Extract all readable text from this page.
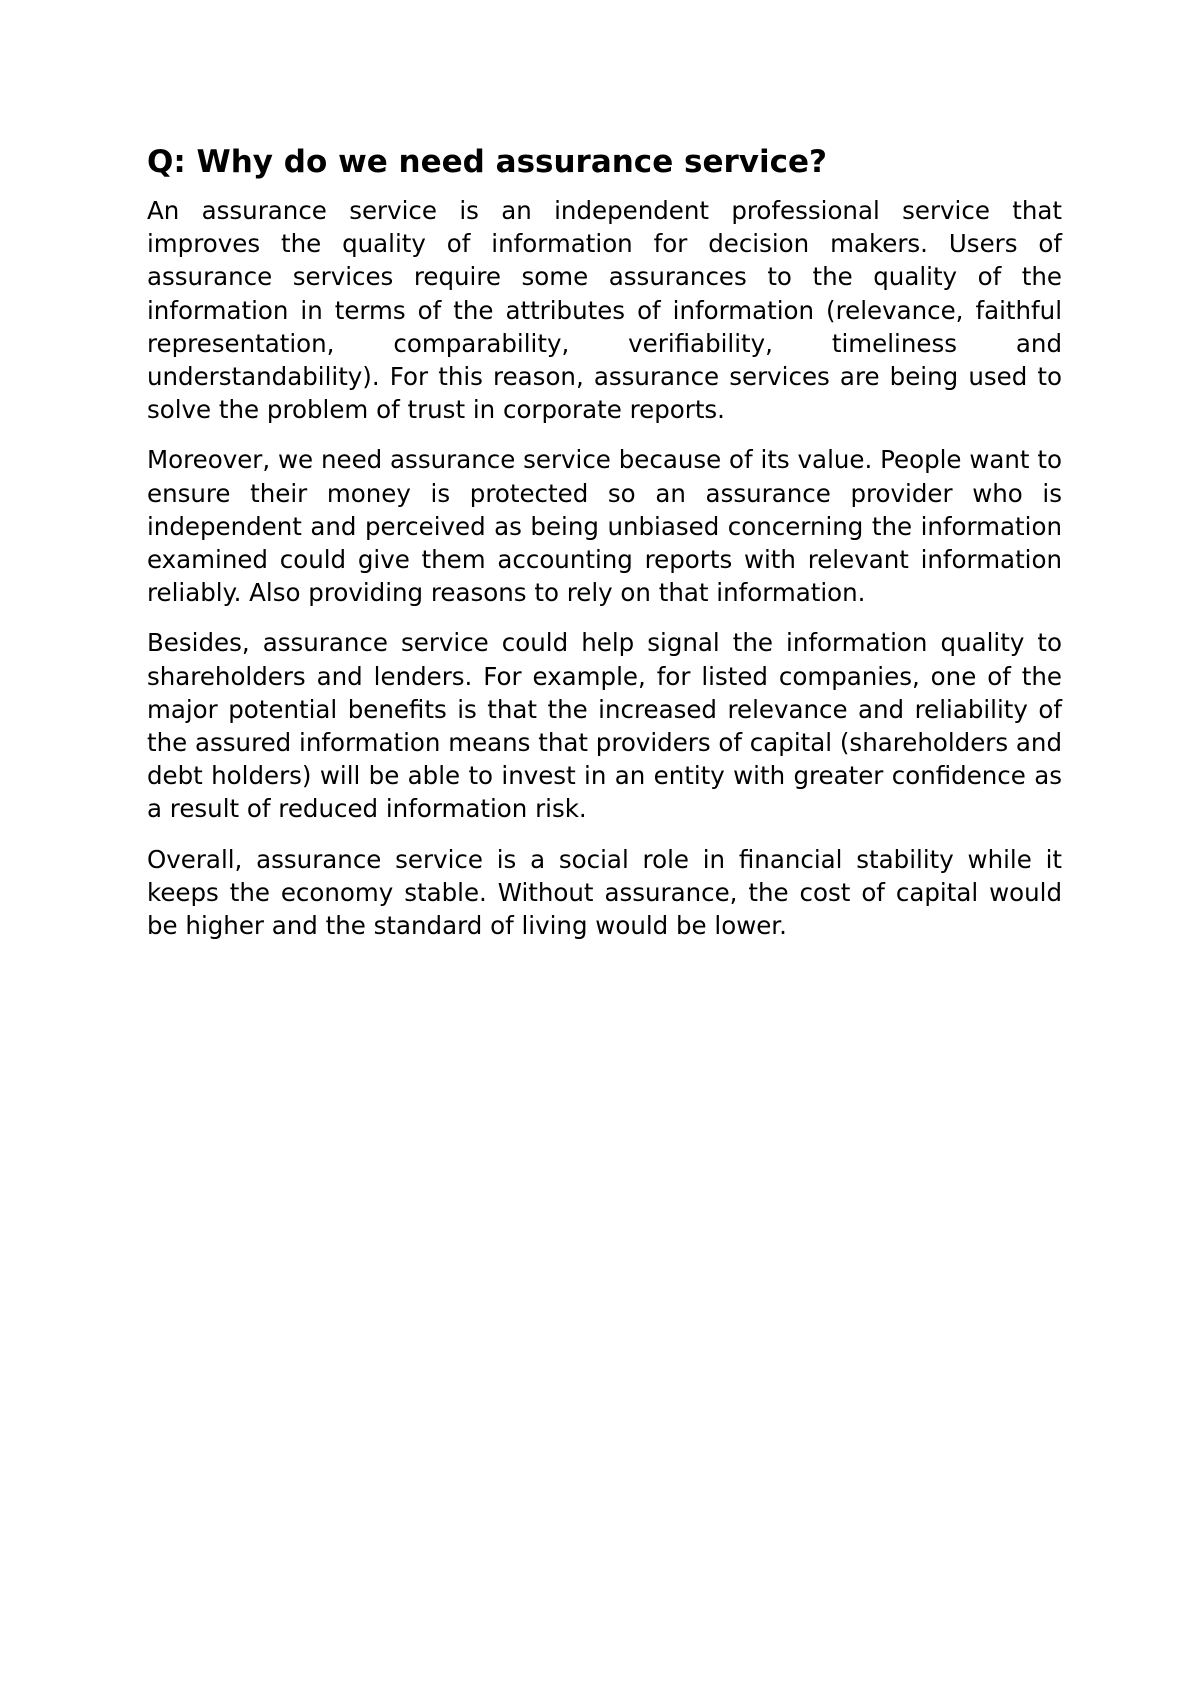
Q: Why do we need assurance service?

An assurance service is an independent professional service that improves the quality of information for decision makers. Users of assurance services require some assurances to the quality of the information in terms of the attributes of information (relevance, faithful representation, comparability, verifiability, timeliness and understandability). For this reason, assurance services are being used to solve the problem of trust in corporate reports.

Moreover, we need assurance service because of its value. People want to ensure their money is protected so an assurance provider who is independent and perceived as being unbiased concerning the information examined could give them accounting reports with relevant information reliably. Also providing reasons to rely on that information.

Besides, assurance service could help signal the information quality to shareholders and lenders. For example, for listed companies, one of the major potential benefits is that the increased relevance and reliability of the assured information means that providers of capital (shareholders and debt holders) will be able to invest in an entity with greater confidence as a result of reduced information risk.

Overall, assurance service is a social role in financial stability while it keeps the economy stable. Without assurance, the cost of capital would be higher and the standard of living would be lower.
